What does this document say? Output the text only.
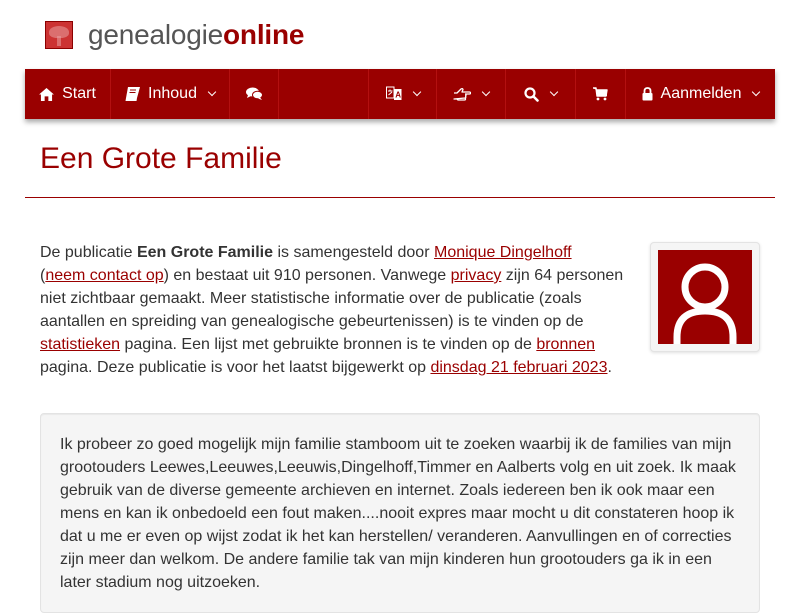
genealogieonline
Start	Inhoud	A	Aanmelden
Een Grote Familie

De publicatie Een Grote Familie is samengesteld door Monique Dingelhoff
(neem contact op) en bestaat uit 910 personen. Vanwege privacy zijn 64 personen niet zichtbaar gemaakt. Meer statistische informatie over de publicatie (zoals aantallen en spreiding van genealogische gebeurtenissen) is te vinden op de statistieken pagina. Een lijst met gebruikte bronnen is te vinden op de bronnen pagina. Deze publicatie is voor het laatst bijgewerkt op dinsdag 21 februari 2023.

Ik probeer zo goed mogelijk mijn familie stamboom uit te zoeken waarbij ik de families van mijn grootouders Leewes,Leeuwes,Leeuwis,Dingelhoff,Timmer en Aalberts volg en uit zoek. Ik maak gebruik van de diverse gemeente archieven en internet. Zoals iedereen ben ik ook maar een mens en kan ik onbedoeld een fout maken....nooit expres maar mocht u dit constateren hoop ik dat u me er even op wijst zodat ik het kan herstellen/ veranderen. Aanvullingen en of correcties zijn meer dan welkom. De andere familie tak van mijn kinderen hun grootouders ga ik in een later stadium nog uitzoeken.
